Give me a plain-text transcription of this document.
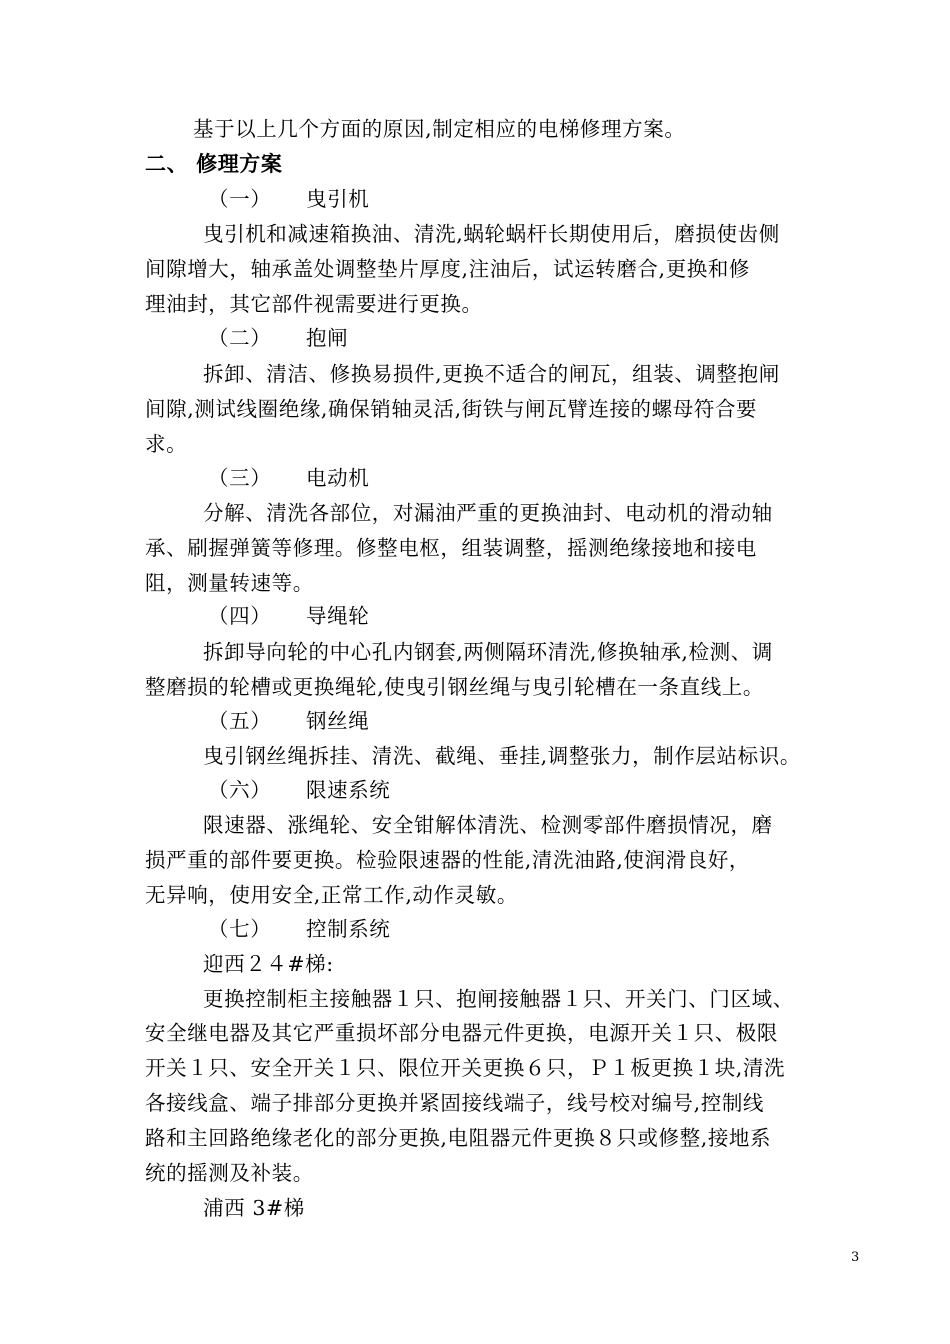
基于以上几个方面的原因,制定相应的电梯修理方案。
二、 修理方案
（一） 曳引机
曳引机和减速箱换油、清洗,蜗轮蜗杆长期使用后，磨损使齿侧
间隙增大，轴承盖处调整垫片厚度,注油后，试运转磨合,更换和修
理油封，其它部件视需要进行更换。
（二） 抱闸
拆卸、清洁、修换易损件,更换不适合的闸瓦，组装、调整抱闸
间隙,测试线圈绝缘,确保销轴灵活,街铁与闸瓦臂连接的螺母符合要
求。
（三） 电动机
分解、清洗各部位，对漏油严重的更换油封、电动机的滑动轴
承、刷握弹簧等修理。修整电枢，组装调整，摇测绝缘接地和接电
阻，测量转速等。
（四） 导绳轮
拆卸导向轮的中心孔内钢套,两侧隔环清洗,修换轴承,检测、调
整磨损的轮槽或更换绳轮,使曳引钢丝绳与曳引轮槽在一条直线上。
（五） 钢丝绳
曳引钢丝绳拆挂、清洗、截绳、垂挂,调整张力，制作层站标识。
（六） 限速系统
限速器、涨绳轮、安全钳解体清洗、检测零部件磨损情况，磨
损严重的部件要更换。检验限速器的性能,清洗油路,使润滑良好，
无异响，使用安全,正常工作,动作灵敏。
（七） 控制系统
迎西２４#梯:
更换控制柜主接触器１只、抱闸接触器１只、开关门、门区域、
安全继电器及其它严重损坏部分电器元件更换，电源开关１只、极限
开关１只、安全开关１只、限位开关更换６只，Ｐ１板更换１块,清洗
各接线盒、端子排部分更换并紧固接线端子，线号校对编号,控制线
路和主回路绝缘老化的部分更换,电阻器元件更换８只或修整,接地系
统的摇测及补装。
浦西 3#梯
3
